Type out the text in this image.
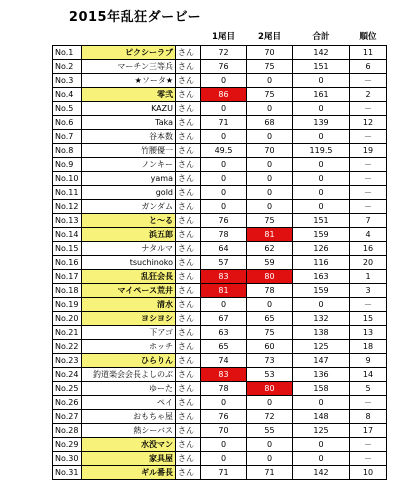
2015年乱狂ダービー
			1尾目	2尾目	合計	順位
No.1	ピクシーラブ	さん	72	70	142	11
No.2	マーチン三等兵	さん	76	75	151	6
No.3	★ソータ★	さん	0	0	0	－
No.4	零弐	さん	86	75	161	2
No.5	KAZU	さん	0	0	0	－
No.6	Taka	さん	71	68	139	12
No.7	谷本数	さん	0	0	0	－
No.8	竹腰優一	さん	49.5	70	119.5	19
No.9	ノンキー	さん	0	0	0	－
No.10	yama	さん	0	0	0	－
No.11	gold	さん	0	0	0	－
No.12	ガンダム	さん	0	0	0	－
No.13	と～る	さん	76	75	151	7
No.14	浜五郎	さん	78	81	159	4
No.15	ナタルマ	さん	64	62	126	16
No.16	tsuchinoko	さん	57	59	116	20
No.17	乱狂会長	さん	83	80	163	1
No.18	マイペース荒井	さん	81	78	159	3
No.19	清水	さん	0	0	0	－
No.20	ヨシヨシ	さん	67	65	132	15
No.21	下アゴ	さん	63	75	138	13
No.22	ホッチ	さん	65	60	125	18
No.23	ひらりん	さん	74	73	147	9
No.24	釣道楽会会長よしのぶ	さん	83	53	136	14
No.25	ゆーた	さん	78	80	158	5
No.26	ペイ	さん	0	0	0	－
No.27	おもちゃ屋	さん	76	72	148	8
No.28	熱シーバス	さん	70	55	125	17
No.29	水没マン	さん	0	0	0	－
No.30	家具屋	さん	0	0	0	－
No.31	ギル番長	さん	71	71	142	10
